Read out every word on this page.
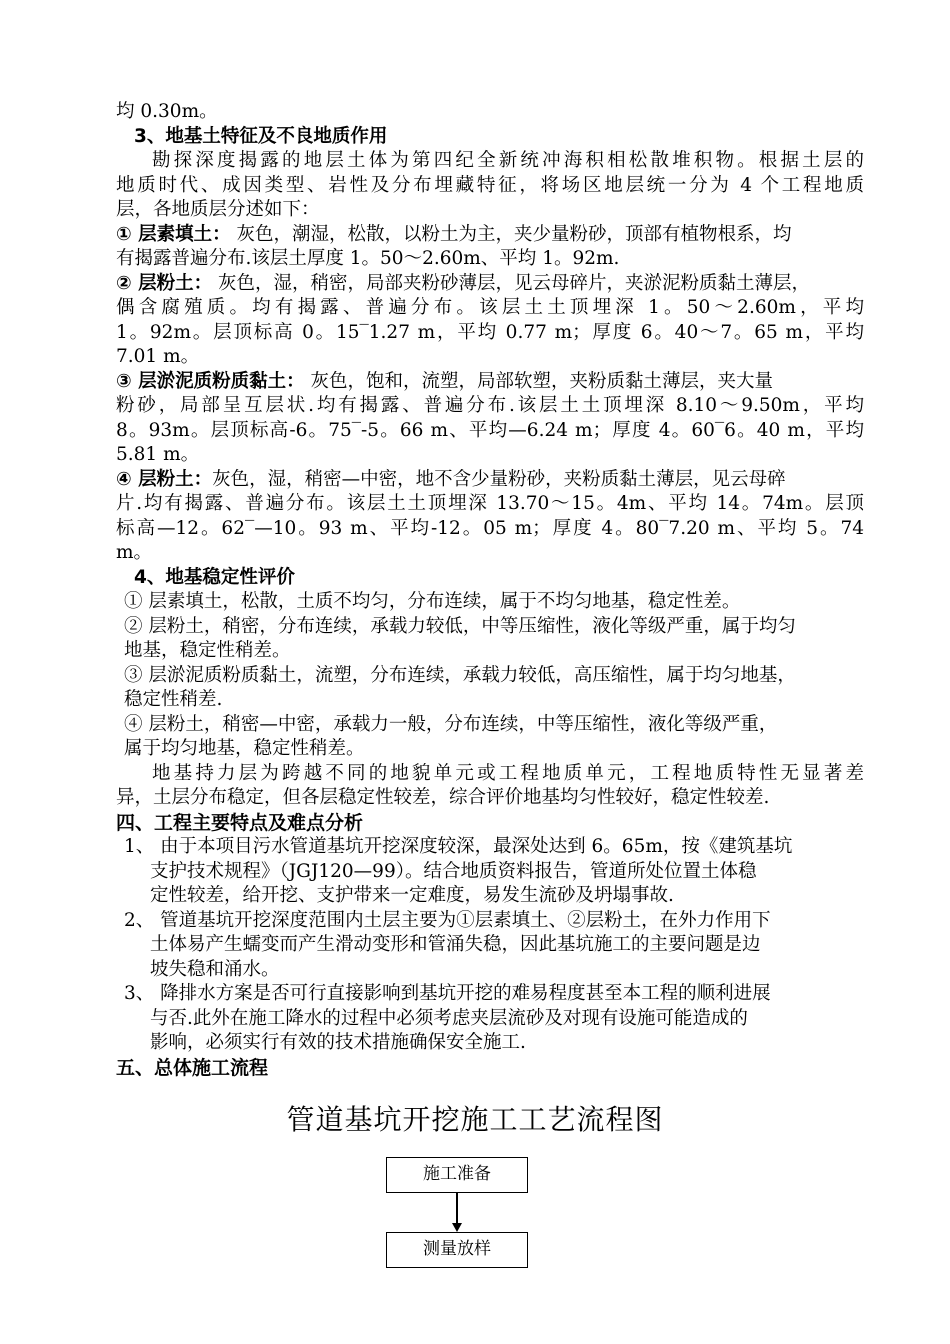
均 0.30m。
3、地基土特征及不良地质作用
勘探深度揭露的地层土体为第四纪全新统冲海积相松散堆积物。根据土层的
地质时代、成因类型、岩性及分布埋藏特征，将场区地层统一分为 4 个工程地质
层，各地质层分述如下：
① 层素填土： 灰色，潮湿，松散，以粉土为主，夹少量粉砂，顶部有植物根系，均
有揭露普遍分布.该层土厚度 1。50～2.60m、平均 1。92m.
② 层粉土： 灰色，湿，稍密，局部夹粉砂薄层，见云母碎片，夹淤泥粉质黏土薄层，
偶含腐殖质。均有揭露、普遍分布。该层土土顶埋深 1。50～2.60m，平均
1。92m。层顶标高 0。15‾1.27 m，平均 0.77 m；厚度 6。40～7。65 m，平均
7.01 m。
③ 层淤泥质粉质黏土： 灰色，饱和，流塑，局部软塑，夹粉质黏土薄层，夹大量
粉砂，局部呈互层状.均有揭露、普遍分布.该层土土顶埋深 8.10～9.50m，平均
8。93m。层顶标高-6。75‾-5。66 m、平均—6.24 m；厚度 4。60‾6。40 m，平均
5.81 m。
④ 层粉土：灰色，湿，稍密—中密，地不含少量粉砂，夹粉质黏土薄层，见云母碎
片.均有揭露、普遍分布。该层土土顶埋深 13.70～15。4m、平均 14。74m。层顶
标高—12。62‾—10。93 m、平均-12。05 m；厚度 4。80‾7.20 m、平均 5。74
m。
4、地基稳定性评价
① 层素填土，松散，土质不均匀，分布连续，属于不均匀地基，稳定性差。
② 层粉土，稍密，分布连续，承载力较低，中等压缩性，液化等级严重，属于均匀
地基，稳定性稍差。
③ 层淤泥质粉质黏土，流塑，分布连续，承载力较低，高压缩性，属于均匀地基，
稳定性稍差.
④ 层粉土，稍密—中密，承载力一般，分布连续，中等压缩性，液化等级严重，
属于均匀地基，稳定性稍差。
地基持力层为跨越不同的地貌单元或工程地质单元，工程地质特性无显著差
异，土层分布稳定，但各层稳定性较差，综合评价地基均匀性较好，稳定性较差.
四、工程主要特点及难点分析
1、 由于本项目污水管道基坑开挖深度较深，最深处达到 6。65m，按《建筑基坑
支护技术规程》（JGJ120—99）。结合地质资料报告，管道所处位置土体稳
定性较差，给开挖、支护带来一定难度，易发生流砂及坍塌事故.
2、 管道基坑开挖深度范围内土层主要为①层素填土、②层粉土，在外力作用下
土体易产生蠕变而产生滑动变形和管涌失稳，因此基坑施工的主要问题是边
坡失稳和涌水。
3、 降排水方案是否可行直接影响到基坑开挖的难易程度甚至本工程的顺利进展
与否.此外在施工降水的过程中必须考虑夹层流砂及对现有设施可能造成的
影响，必须实行有效的技术措施确保安全施工.
五、总体施工流程
管道基坑开挖施工工艺流程图
施工准备
测量放样
